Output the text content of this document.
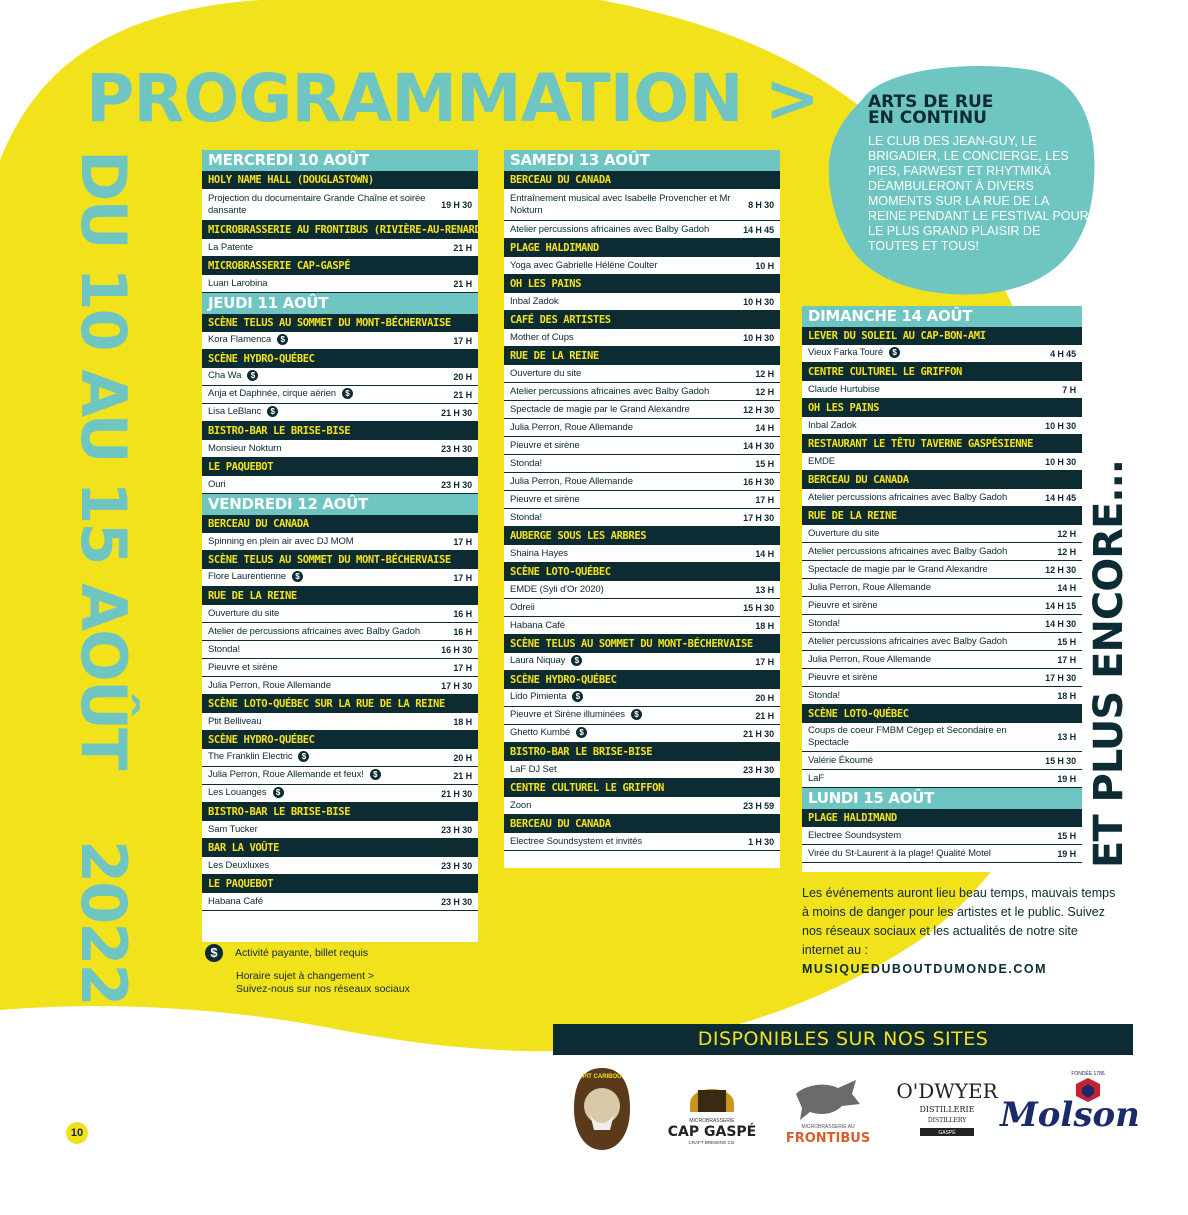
PROGRAMMATION >
DU 10 AU 15 AOÛT
2022
ET PLUS ENCORE...
MERCREDI 10 AOÛT
HOLY NAME HALL (DOUGLASTOWN)
Projection du documentaire Grande Chaîne et soirée dansante	19 H 30
MICROBRASSERIE AU FRONTIBUS (RIVIÈRE-AU-RENARD)
La Patente	21 H
MICROBRASSERIE CAP-GASPÉ
Luan Larobina	21 H
JEUDI 11 AOÛT
SCÈNE TELUS AU SOMMET DU MONT-BÉCHERVAISE
Kora Flamenca $	17 H
SCÈNE HYDRO-QUÉBEC
Cha Wa $	20 H
Anja et Daphnée, cirque aérien $	21 H
Lisa LeBlanc $	21 H 30
BISTRO-BAR LE BRISE-BISE
Monsieur Nokturn	23 H 30
LE PAQUEBOT
Ouri	23 H 30
VENDREDI 12 AOÛT
BERCEAU DU CANADA
Spinning en plein air avec DJ MOM	17 H
SCÈNE TELUS AU SOMMET DU MONT-BÉCHERVAISE
Flore Laurentienne $	17 H
RUE DE LA REINE
Ouverture du site	16 H
Atelier de percussions africaines avec Balby Gadoh	16 H
Stonda!	16 H 30
Pieuvre et sirène	17 H
Julia Perron, Roue Allemande	17 H 30
SCÈNE LOTO-QUÉBEC SUR LA RUE DE LA REINE
Ptit Belliveau	18 H
SCÈNE HYDRO-QUÉBEC
The Franklin Electric $	20 H
Julia Perron, Roue Allemande et feux! $	21 H
Les Louanges $	21 H 30
BISTRO-BAR LE BRISE-BISE
Sam Tucker	23 H 30
BAR LA VOÛTE
Les Deuxluxes	23 H 30
LE PAQUEBOT
Habana Café	23 H 30
SAMEDI 13 AOÛT
BERCEAU DU CANADA
Entraînement musical avec Isabelle Provencher et Mr Nokturn	8 H 30
Atelier percussions africaines avec Balby Gadoh	14 H 45
PLAGE HALDIMAND
Yoga avec Gabrielle Hélène Coulter	10 H
OH LES PAINS
Inbal Zadok	10 H 30
CAFÉ DES ARTISTES
Mother of Cups	10 H 30
RUE DE LA REINE
Ouverture du site	12 H
Atelier percussions africaines avec Balby Gadoh	12 H
Spectacle de magie par le Grand Alexandre	12 H 30
Julia Perron, Roue Allemande	14 H
Pieuvre et sirène	14 H 30
Stonda!	15 H
Julia Perron, Roue Allemande	16 H 30
Pieuvre et sirène	17 H
Stonda!	17 H 30
AUBERGE SOUS LES ARBRES
Shaina Hayes	14 H
SCÈNE LOTO-QUÉBEC
EMDE (Syli d'Or 2020)	13 H
Odreii	15 H 30
Habana Café	18 H
SCÈNE TELUS AU SOMMET DU MONT-BÉCHERVAISE
Laura Niquay $	17 H
SCÈNE HYDRO-QUÉBEC
Lido Pimienta $	20 H
Pieuvre et Sirène illuminées $	21 H
Ghetto Kumbé $	21 H 30
BISTRO-BAR LE BRISE-BISE
LaF DJ Set	23 H 30
CENTRE CULTUREL LE GRIFFON
Zoon	23 H 59
BERCEAU DU CANADA
Electree Soundsystem et invités	1 H 30
DIMANCHE 14 AOÛT
LEVER DU SOLEIL AU CAP-BON-AMI
Vieux Farka Touré $	4 H 45
CENTRE CULTUREL LE GRIFFON
Claude Hurtubise	7 H
OH LES PAINS
Inbal Zadok	10 H 30
RESTAURANT LE TÊTU TAVERNE GASPÉSIENNE
EMDE	10 H 30
BERCEAU DU CANADA
Atelier percussions africaines avec Balby Gadoh	14 H 45
RUE DE LA REINE
Ouverture du site	12 H
Atelier percussions africaines avec Balby Gadoh	12 H
Spectacle de magie par le Grand Alexandre	12 H 30
Julia Perron, Roue Allemande	14 H
Pieuvre et sirène	14 H 15
Stonda!	14 H 30
Atelier percussions africaines avec Balby Gadoh	15 H
Julia Perron, Roue Allemande	17 H
Pieuvre et sirène	17 H 30
Stonda!	18 H
SCÈNE LOTO-QUÉBEC
Coups de coeur FMBM Cégep et Secondaire en Spectacle	13 H
Valérie Ékoumé	15 H 30
LaF	19 H
LUNDI 15 AOÛT
PLAGE HALDIMAND
Electree Soundsystem	15 H
Virée du St-Laurent à la plage! Qualité Motel	19 H
$	Activité payante, billet requis
Horaire sujet à changement >
Suivez-nous sur nos réseaux sociaux
ARTS DE RUE
EN CONTINU
LE CLUB DES JEAN-GUY, LE BRIGADIER, LE CONCIERGE, LES PIES, FARWEST ET RHYTMIKÄ DÉAMBULERONT À DIVERS MOMENTS SUR LA RUE DE LA REINE PENDANT LE FESTIVAL POUR LE PLUS GRAND PLAISIR DE TOUTES ET TOUS!
Les événements auront lieu beau temps, mauvais temps à moins de danger pour les artistes et le public. Suivez nos réseaux sociaux et les actualités de notre site internet au :
MUSIQUEDUBOUTDUMONDE.COM
DISPONIBLES SUR NOS SITES
PIT CARIBOU
MICROBRASSERIE
CAP GASPÉ
CRAFT BREWING CO.
MICROBRASSERIE AU
FRONTIBUS
O'DWYER
DISTILLERIE
DISTILLERY
GASPÉ
FONDÉE 1786
Molson
10
